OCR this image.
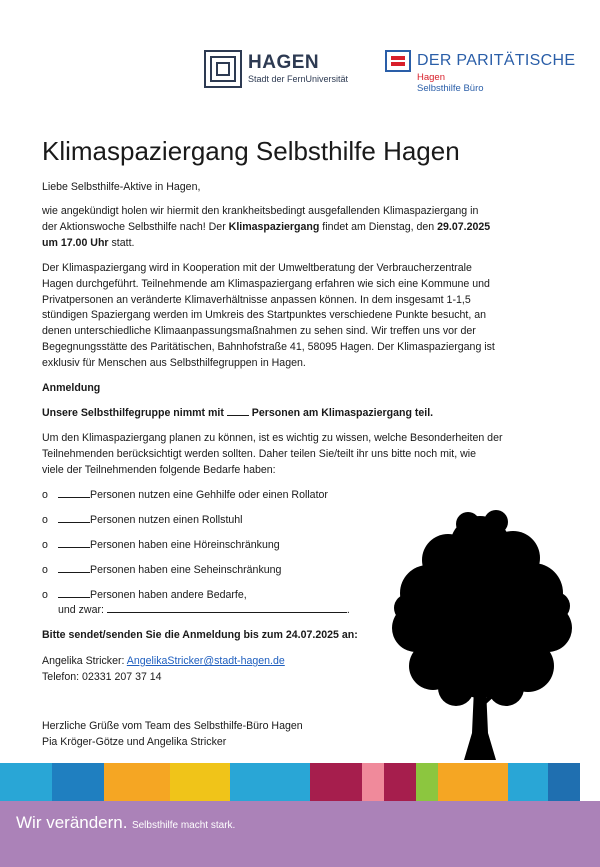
HAGEN
Stadt der FernUniversität
DER PARITÄTISCHE
Hagen
Selbsthilfe Büro
Klimaspaziergang Selbsthilfe Hagen
Liebe Selbsthilfe-Aktive in Hagen,
wie angekündigt holen wir hiermit den krankheitsbedingt ausgefallenden Klimaspaziergang in
der Aktionswoche Selbsthilfe nach! Der Klimaspaziergang findet am Dienstag, den 29.07.2025
um 17.00 Uhr statt.
Der Klimaspaziergang wird in Kooperation mit der Umweltberatung der Verbraucherzentrale
Hagen durchgeführt. Teilnehmende am Klimaspaziergang erfahren wie sich eine Kommune und
Privatpersonen an veränderte Klimaverhältnisse anpassen können. In dem insgesamt 1-1,5
stündigen Spaziergang werden im Umkreis des Startpunktes verschiedene Punkte besucht, an
denen unterschiedliche Klimaanpassungsmaßnahmen zu sehen sind. Wir treffen uns vor der
Begegnungsstätte des Paritätischen, Bahnhofstraße 41, 58095 Hagen. Der Klimaspaziergang ist
exklusiv für Menschen aus Selbsthilfegruppen in Hagen.
Anmeldung
Unsere Selbsthilfegruppe nimmt mit  Personen am Klimaspaziergang teil.
Um den Klimaspaziergang planen zu können, ist es wichtig zu wissen, welche Besonderheiten der
Teilnehmenden berücksichtigt werden sollten. Daher teilen Sie/teilt ihr uns bitte noch mit, wie
viele der Teilnehmenden folgende Bedarfe haben:
o	Personen nutzen eine Gehhilfe oder einen Rollator
o	Personen nutzen einen Rollstuhl
o	Personen haben eine Höreinschränkung
o	Personen haben eine Seheinschränkung
o	Personen haben andere Bedarfe,
und zwar:	.
Bitte sendet/senden Sie die Anmeldung bis zum 24.07.2025 an:
Angelika Stricker: AngelikaStricker@stadt-hagen.de
Telefon: 02331 207 37 14
Herzliche Grüße vom Team des Selbsthilfe-Büro Hagen
Pia Kröger-Götze und Angelika Stricker
Wir verändern. Selbsthilfe macht stark.
